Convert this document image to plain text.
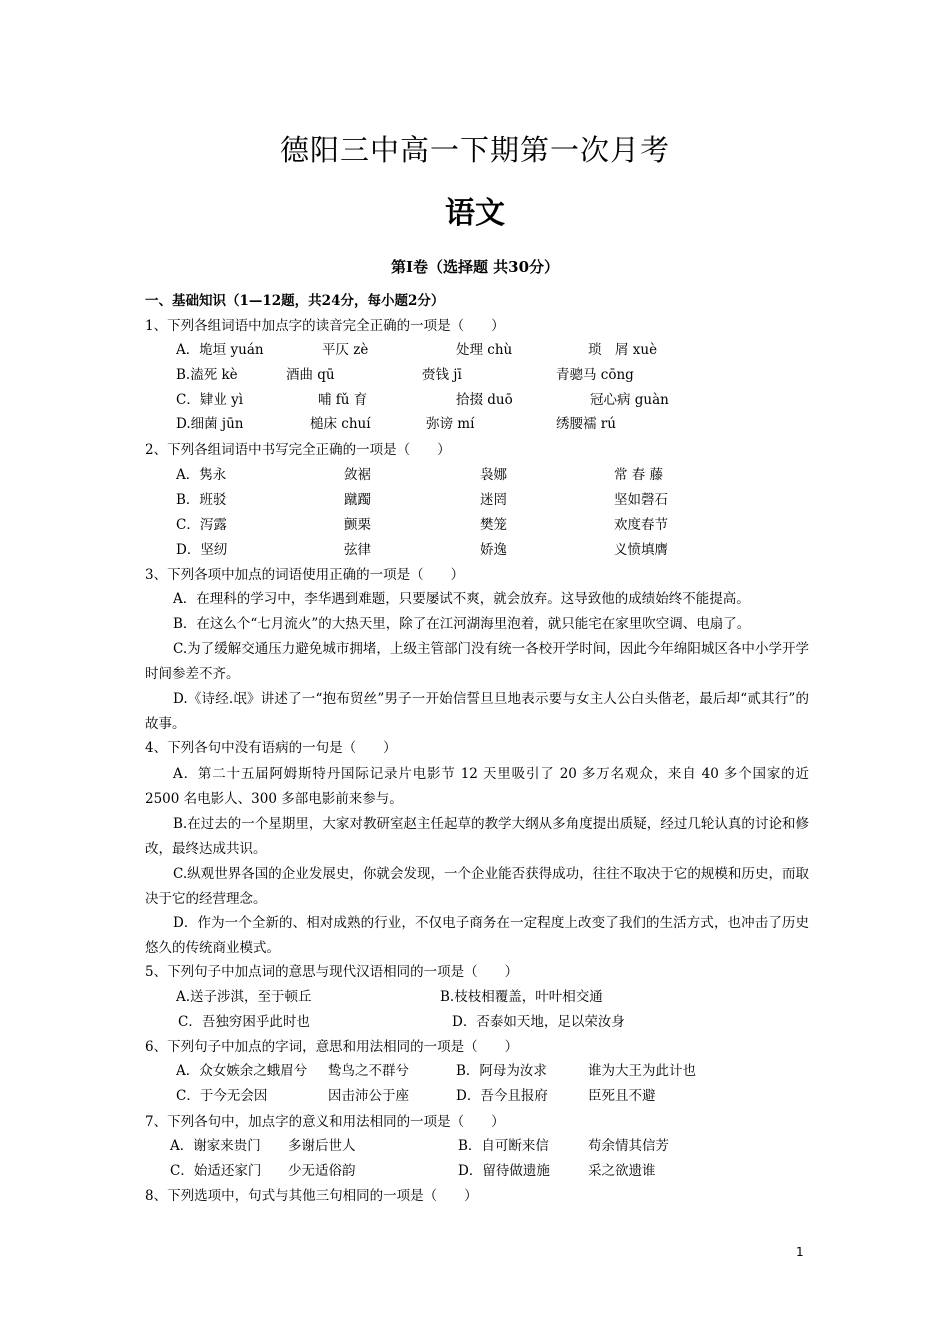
德阳三中高一下期第一次月考
语文
第Ⅰ卷（选择题 共30分）
一、基础知识（1—12题，共24分，每小题2分）
1、下列各组词语中加点字的读音完全正确的一项是（　　）
A．垝垣 yuán	平仄 zè	处理 chù	琐　屑 xuè
B.溘死 kè	酒曲 qū	赍钱 jī	青骢马 cōng
C．肄业 yì	哺 fǔ 育	拾掇 duō	冠心病 guàn
D.细菌 jūn	槌床 chuí	弥谤 mí	绣腰襦 rú
2、下列各组词语中书写完全正确的一项是（　　）
A．隽永	敛裾	袅娜	常 春 藤
B．班驳	蹴躅	迷罔	坚如磬石
C．泻露	颤栗	樊笼	欢度春节
D．坚纫	弦律	娇逸	义愤填膺
3、下列各项中加点的词语使用正确的一项是（　　）
A．在理科的学习中，李华遇到难题，只要屡试不爽，就会放弃。这导致他的成绩始终不能提高。
B．在这么个“七月流火”的大热天里，除了在江河湖海里泡着，就只能宅在家里吹空调、电扇了。
C.为了缓解交通压力避免城市拥堵，上级主管部门没有统一各校开学时间，因此今年绵阳城区各中小学开学时间参差不齐。
D.《诗经.氓》讲述了一“抱布贸丝”男子一开始信誓旦旦地表示要与女主人公白头偕老，最后却“贰其行”的故事。
4、下列各句中没有语病的一句是（　　）
A．第二十五届阿姆斯特丹国际记录片电影节 12 天里吸引了 20 多万名观众，来自 40 多个国家的近 2500 名电影人、300 多部电影前来参与。
B.在过去的一个星期里，大家对教研室赵主任起草的教学大纲从多角度提出质疑，经过几轮认真的讨论和修改，最终达成共识。
C.纵观世界各国的企业发展史，你就会发现，一个企业能否获得成功，往往不取决于它的规模和历史，而取决于它的经营理念。
D．作为一个全新的、相对成熟的行业，不仅电子商务在一定程度上改变了我们的生活方式，也冲击了历史悠久的传统商业模式。
5、下列句子中加点词的意思与现代汉语相同的一项是（　　）
A.送子涉淇，至于顿丘	B.枝枝相覆盖，叶叶相交通
C．吾独穷困乎此时也	D．否泰如天地，足以荣汝身
6、下列句子中加点的字词，意思和用法相同的一项是（　　）
A．众女嫉余之蛾眉兮 鸷鸟之不群兮	B．阿母为汝求	谁为大王为此计也
C．于今无会因	因击沛公于座	D．吾今且报府	臣死且不避
7、下列各句中，加点字的意义和用法相同的一项是（　　）
A．谢家来贵门 多谢后世人	B．自可断来信	苟余情其信芳
C．始适还家门 少无适俗韵	D．留待做遗施	采之欲遗谁
8、下列选项中，句式与其他三句相同的一项是（　　）
1
